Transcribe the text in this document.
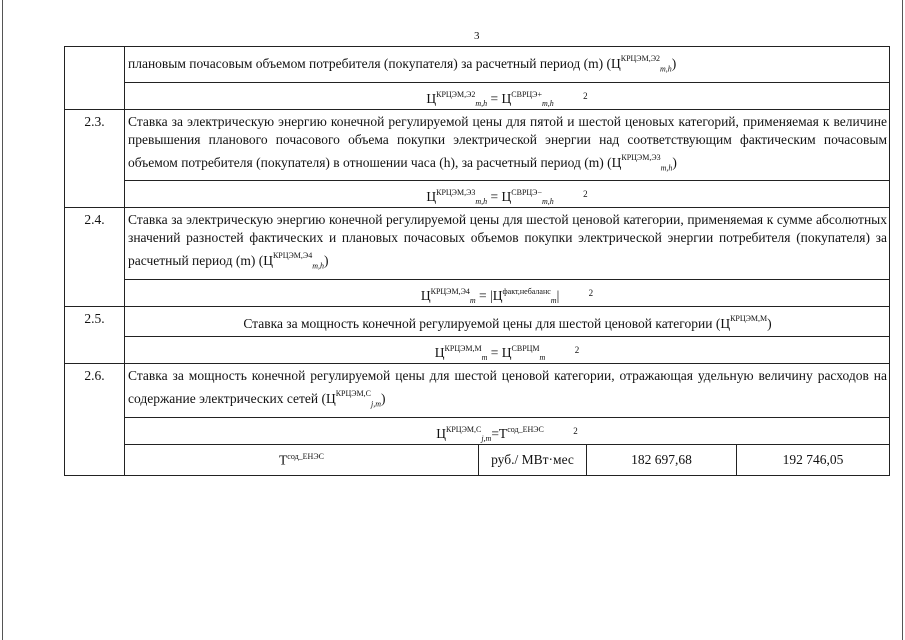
3
плановым почасовым объемом потребителя (покупателя) за расчетный период (m) $(Ц^{КРЦЭМ,Э2}_{m,h})$
$Ц^{КРЦЭМ,Э2}_{m,h} = Ц^{СВРЦЭ+}_{m,h}$ $^2$
2.3.	Ставка за электрическую энергию конечной регулируемой цены для пятой и шестой ценовых категорий, применяемая к величине превышения планового почасового объема покупки электрической энергии над соответствующим фактическим почасовым объемом потребителя (покупателя) в отношении часа (h), за расчетный период (m) $(Ц^{КРЦЭМ,Э3}_{m,h})$
$Ц^{КРЦЭМ,Э3}_{m,h} = Ц^{СВРЦЭ-}_{m,h}$ $^2$
2.4.	Ставка за электрическую энергию конечной регулируемой цены для шестой ценовой категории, применяемая к сумме абсолютных значений разностей фактических и плановых почасовых объемов покупки электрической энергии потребителя (покупателя) за расчетный период (m) $(Ц^{КРЦЭМ,Э4}_{m,h})$
$Ц^{КРЦЭМ,Э4}_m = |Ц^{факт,небаланс}_m|$	$^2$
2.5.	Ставка за мощность конечной регулируемой цены для шестой ценовой категории $(Ц^{КРЦЭМ,М})$
$Ц^{КРЦЭМ,М}_m = Ц^{СВРЦМ}_m$ $^2$
2.6.	Ставка за мощность конечной регулируемой цены для шестой ценовой категории, отражающая удельную величину расходов на содержание электрических сетей $(Ц^{КРЦЭМ,С}_{j,m})$
$Ц^{КРЦЭМ,С}_{j,m}=Т^{сод\_ЕНЭС}$	$^2$
$Т^{сод\_ЕНЭС}$	руб./ МВт·мес	182 697,68	192 746,05
